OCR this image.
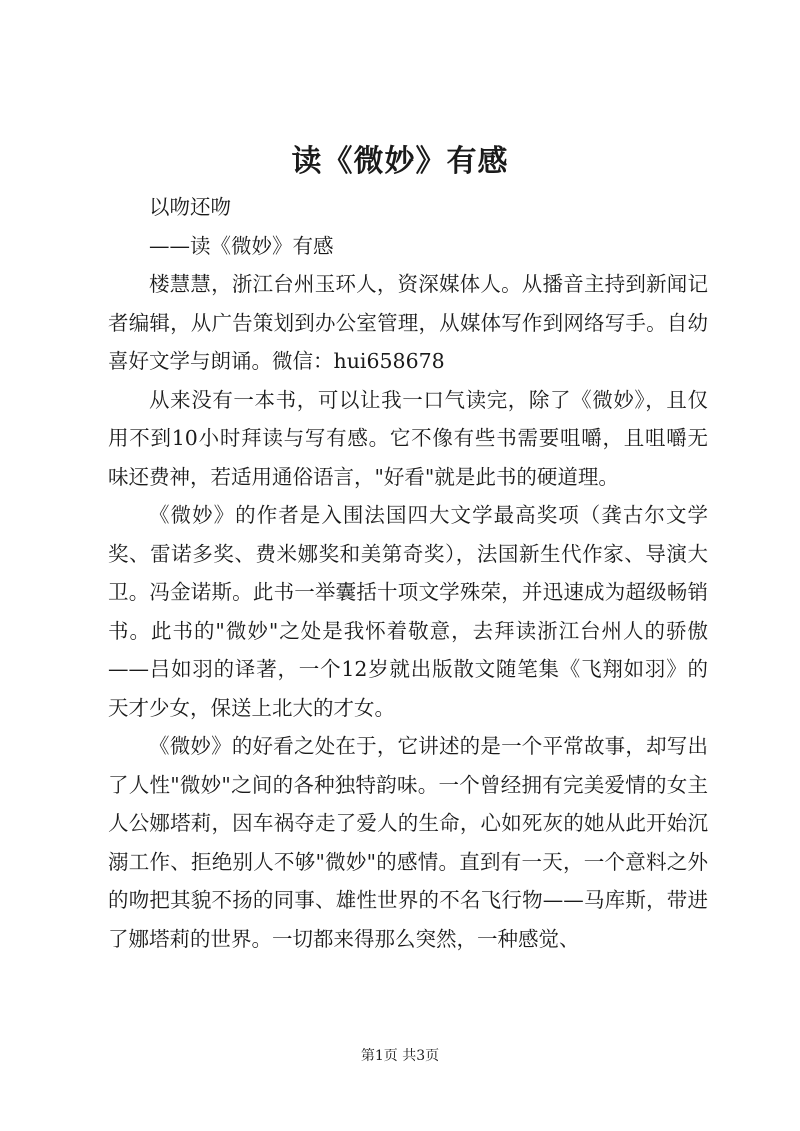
读《微妙》有感

以吻还吻

——读《微妙》有感

楼慧慧，浙江台州玉环人，资深媒体人。从播音主持到新闻记者编辑，从广告策划到办公室管理，从媒体写作到网络写手。自幼喜好文学与朗诵。微信：hui658678

从来没有一本书，可以让我一口气读完，除了《微妙》，且仅用不到10小时拜读与写有感。它不像有些书需要咀嚼，且咀嚼无味还费神，若适用通俗语言，"好看"就是此书的硬道理。

《微妙》的作者是入围法国四大文学最高奖项（龚古尔文学奖、雷诺多奖、费米娜奖和美第奇奖），法国新生代作家、导演大卫。冯金诺斯。此书一举囊括十项文学殊荣，并迅速成为超级畅销书。此书的"微妙"之处是我怀着敬意，去拜读浙江台州人的骄傲——吕如羽的译著，一个12岁就出版散文随笔集《飞翔如羽》的天才少女，保送上北大的才女。

《微妙》的好看之处在于，它讲述的是一个平常故事，却写出了人性"微妙"之间的各种独特韵味。一个曾经拥有完美爱情的女主人公娜塔莉，因车祸夺走了爱人的生命，心如死灰的她从此开始沉溺工作、拒绝别人不够"微妙"的感情。直到有一天，一个意料之外的吻把其貌不扬的同事、雄性世界的不名飞行物——马库斯，带进了娜塔莉的世界。一切都来得那么突然，一种感觉、

第1页 共3页
